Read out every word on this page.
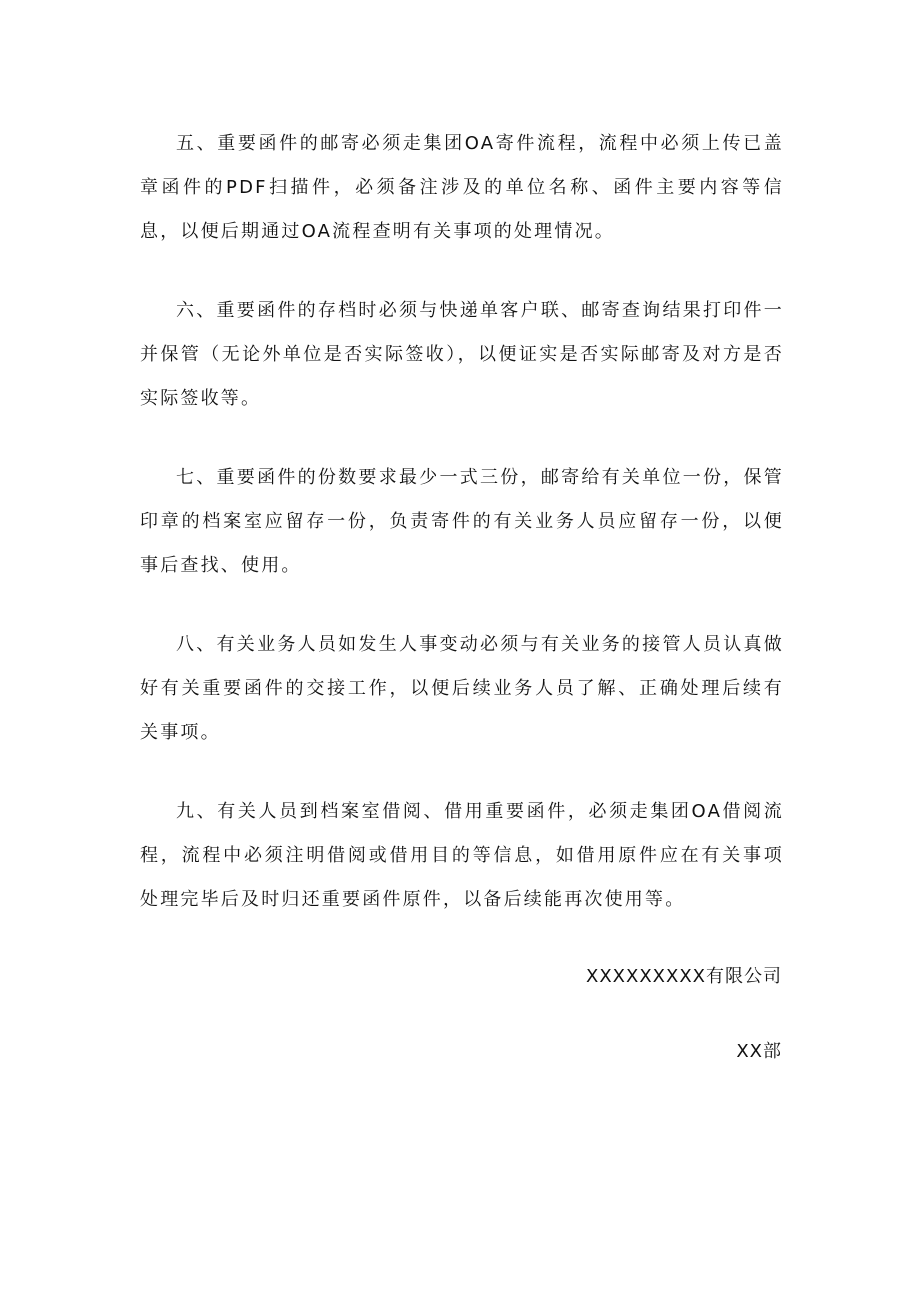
五、重要函件的邮寄必须走集团OA寄件流程，流程中必须上传已盖章函件的PDF扫描件，必须备注涉及的单位名称、函件主要内容等信息，以便后期通过OA流程查明有关事项的处理情况。

六、重要函件的存档时必须与快递单客户联、邮寄查询结果打印件一并保管（无论外单位是否实际签收），以便证实是否实际邮寄及对方是否实际签收等。

七、重要函件的份数要求最少一式三份，邮寄给有关单位一份，保管印章的档案室应留存一份，负责寄件的有关业务人员应留存一份，以便事后查找、使用。

八、有关业务人员如发生人事变动必须与有关业务的接管人员认真做好有关重要函件的交接工作，以便后续业务人员了解、正确处理后续有关事项。

九、有关人员到档案室借阅、借用重要函件，必须走集团OA借阅流程，流程中必须注明借阅或借用目的等信息，如借用原件应在有关事项处理完毕后及时归还重要函件原件，以备后续能再次使用等。

XXXXXXXXX有限公司
XX部
